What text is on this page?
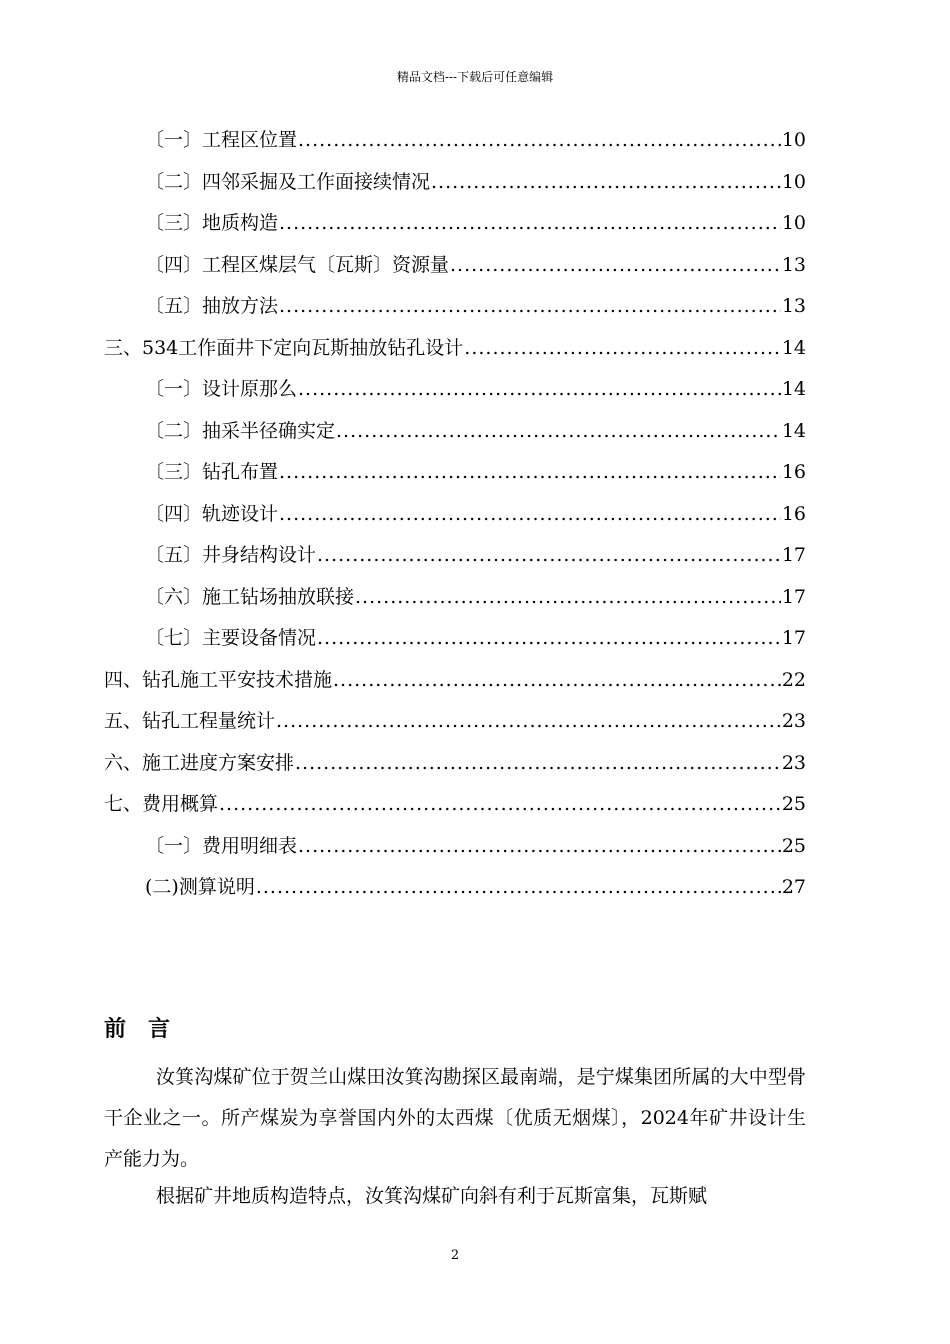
精品文档---下载后可任意编辑
〔一〕工程区位置 .....	10
〔二〕四邻采掘及工作面接续情况 .....	10
〔三〕地质构造 .....	10
〔四〕工程区煤层气〔瓦斯〕资源量 .....	13
〔五〕抽放方法 .....	13
三、534工作面井下定向瓦斯抽放钻孔设计 .....	14
〔一〕设计原那么 .....	14
〔二〕抽采半径确实定 .....	14
〔三〕钻孔布置 .....	16
〔四〕轨迹设计 .....	16
〔五〕井身结构设计 .....	17
〔六〕施工钻场抽放联接 .....	17
〔七〕主要设备情况 .....	17
四、钻孔施工平安技术措施 .....	22
五、钻孔工程量统计 .....	23
六、施工进度方案安排 .....	23
七、费用概算 .....	25
〔一〕费用明细表 .....	25
(二)测算说明 .....	27
前言
汝箕沟煤矿位于贺兰山煤田汝箕沟勘探区最南端，是宁煤集团所属的大中型骨干企业之一。所产煤炭为享誉国内外的太西煤〔优质无烟煤〕，2024年矿井设计生产能力为。
根据矿井地质构造特点，汝箕沟煤矿向斜有利于瓦斯富集，瓦斯赋
2
